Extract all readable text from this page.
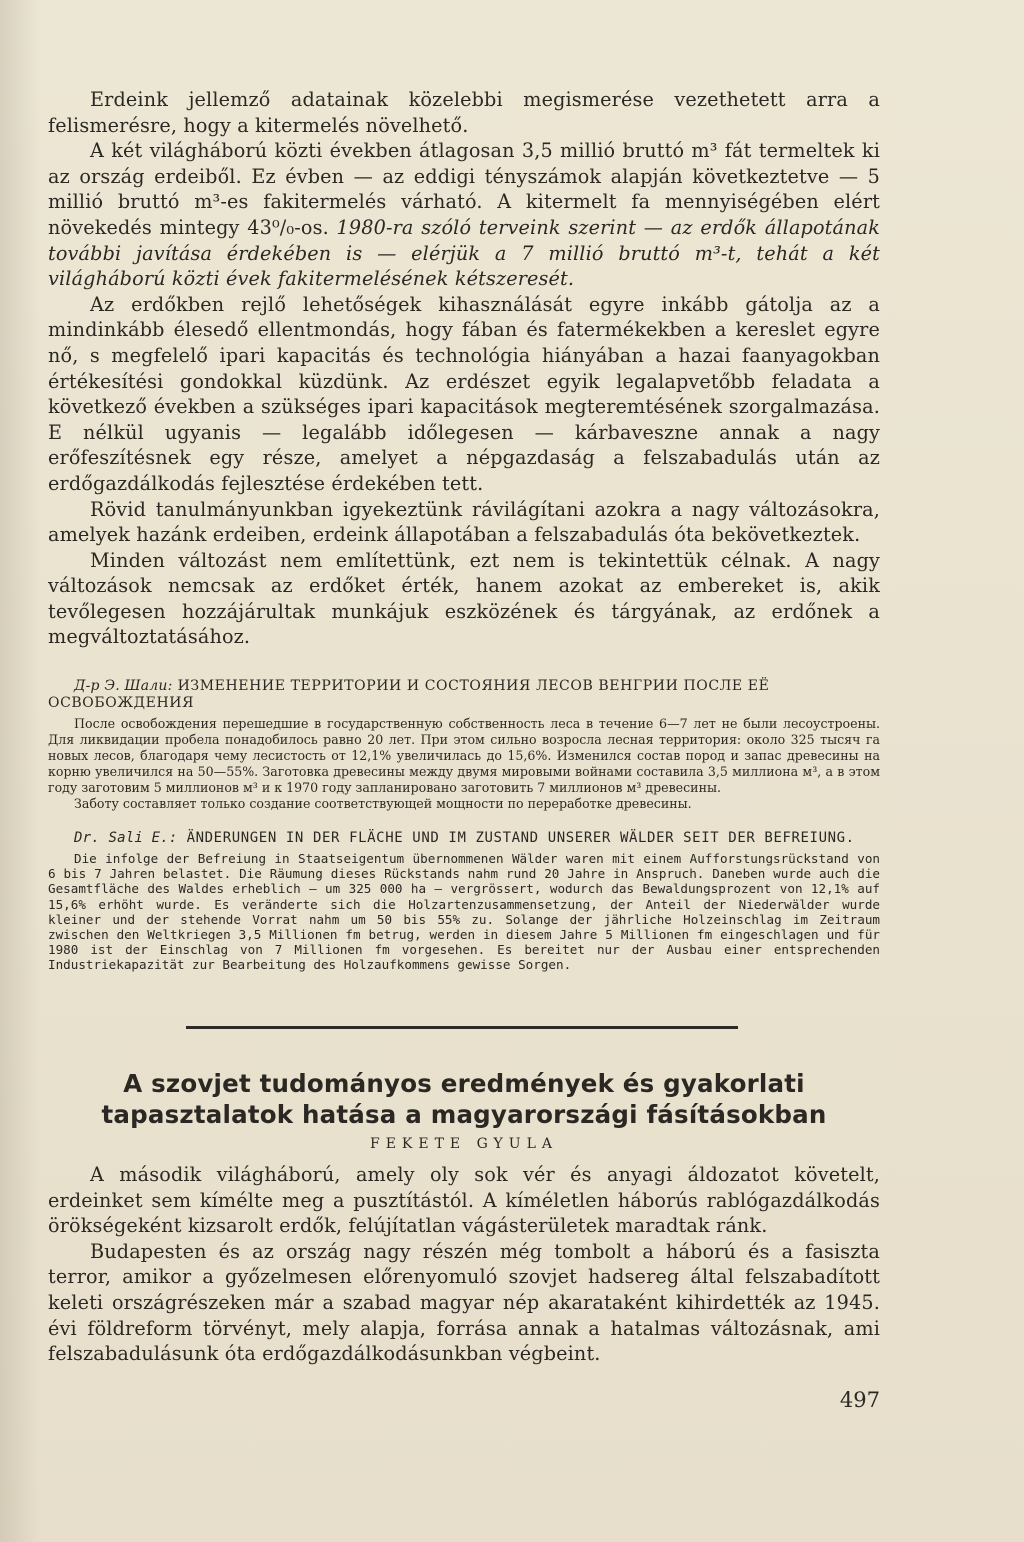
Erdeink jellemző adatainak közelebbi megismerése vezethetett arra a felismerésre, hogy a kitermelés növelhető.

A két világháború közti években átlagosan 3,5 millió bruttó m³ fát termeltek ki az ország erdeiből. Ez évben — az eddigi tényszámok alapján következtetve — 5 millió bruttó m³-es fakitermelés várható. A kitermelt fa mennyiségében elért növekedés mintegy 43⁰/₀-os. 1980-ra szóló terveink szerint — az erdők állapotának további javítása érdekében is — elérjük a 7 millió bruttó m³-t, tehát a két világháború közti évek fakitermelésének kétszeresét.

Az erdőkben rejlő lehetőségek kihasználását egyre inkább gátolja az a mindinkább élesedő ellentmondás, hogy fában és fatermékekben a kereslet egyre nő, s megfelelő ipari kapacitás és technológia hiányában a hazai faanyagokban értékesítési gondokkal küzdünk. Az erdészet egyik legalapvetőbb feladata a következő években a szükséges ipari kapacitások megteremtésének szorgalmazása. E nélkül ugyanis — legalább időlegesen — kárbaveszne annak a nagy erőfeszítésnek egy része, amelyet a népgazdaság a felszabadulás után az erdőgazdálkodás fejlesztése érdekében tett.

Rövid tanulmányunkban igyekeztünk rávilágítani azokra a nagy változásokra, amelyek hazánk erdeiben, erdeink állapotában a felszabadulás óta bekövetkeztek.

Minden változást nem említettünk, ezt nem is tekintettük célnak. A nagy változások nemcsak az erdőket érték, hanem azokat az embereket is, akik tevőlegesen hozzájárultak munkájuk eszközének és tárgyának, az erdőnek a megváltoztatásához.

Д-р Э. Шали: ИЗМЕНЕНИЕ ТЕРРИТОРИИ И СОСТОЯНИЯ ЛЕСОВ ВЕНГРИИ ПОСЛЕ ЕЁ ОСВОБОЖДЕНИЯ

После освобождения перешедшие в государственную собственность леса в течение 6—7 лет не были лесоустроены. Для ликвидации пробела понадобилось равно 20 лет. При этом сильно возросла лесная территория: около 325 тысяч га новых лесов, благодаря чему лесистость от 12,1% увеличилась до 15,6%. Изменился состав пород и запас древесины на корню увеличился на 50—55%. Заготовка древесины между двумя мировыми войнами составила 3,5 миллиона м³, а в этом году заготовим 5 миллионов м³ и к 1970 году запланировано заготовить 7 миллионов м³ древесины.

Заботу составляет только создание соответствующей мощности по переработке древесины.

Dr. Sali E.: ÄNDERUNGEN IN DER FLÄCHE UND IM ZUSTAND UNSERER WÄLDER SEIT DER BEFREIUNG.

Die infolge der Befreiung in Staatseigentum übernommenen Wälder waren mit einem Aufforstungsrückstand von 6 bis 7 Jahren belastet. Die Räumung dieses Rückstands nahm rund 20 Jahre in Anspruch. Daneben wurde auch die Gesamtfläche des Waldes erheblich — um 325 000 ha — vergrössert, wodurch das Bewaldungsprozent von 12,1% auf 15,6% erhöht wurde. Es veränderte sich die Holzartenzusammensetzung, der Anteil der Niederwälder wurde kleiner und der stehende Vorrat nahm um 50 bis 55% zu. Solange der jährliche Holzeinschlag im Zeitraum zwischen den Weltkriegen 3,5 Millionen fm betrug, werden in diesem Jahre 5 Millionen fm eingeschlagen und für 1980 ist der Einschlag von 7 Millionen fm vorgesehen. Es bereitet nur der Ausbau einer entsprechenden Industriekapazität zur Bearbeitung des Holzaufkommens gewisse Sorgen.

A szovjet tudományos eredmények és gyakorlati
tapasztalatok hatása a magyarországi fásításokban

FEKETE GYULA

A második világháború, amely oly sok vér és anyagi áldozatot követelt, erdeinket sem kímélte meg a pusztítástól. A kíméletlen háborús rablógazdálkodás örökségeként kizsarolt erdők, felújítatlan vágásterületek maradtak ránk.

Budapesten és az ország nagy részén még tombolt a háború és a fasiszta terror, amikor a győzelmesen előrenyomuló szovjet hadsereg által felszabadított keleti országrészeken már a szabad magyar nép akarataként kihirdették az 1945. évi földreform törvényt, mely alapja, forrása annak a hatalmas változásnak, ami felszabadulásunk óta erdőgazdálkodásunkban végbeint.

497
